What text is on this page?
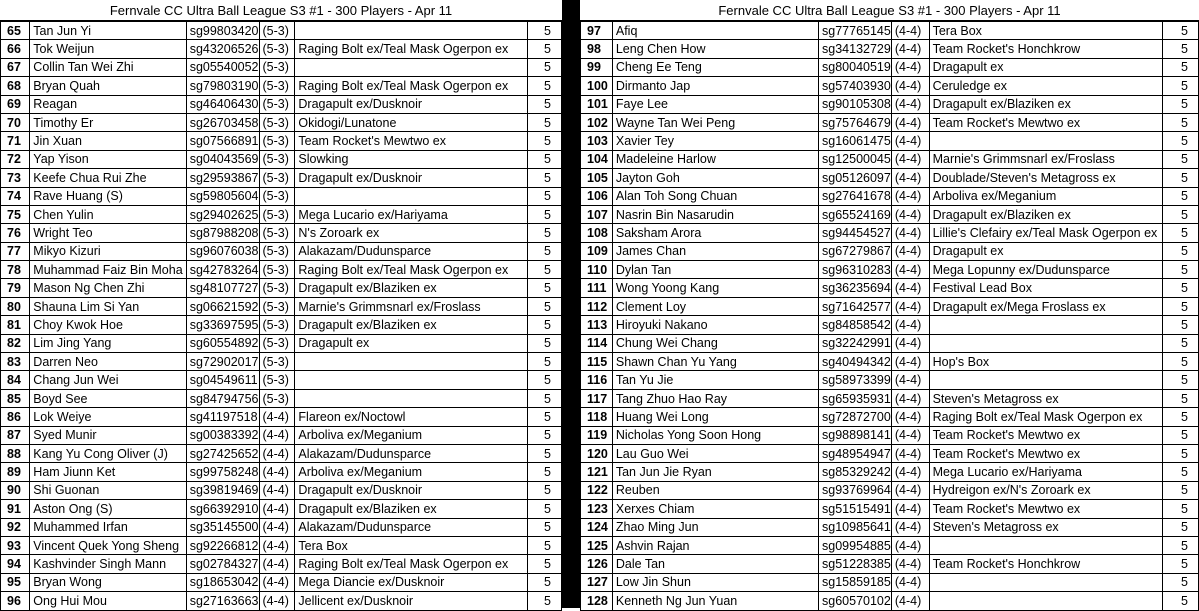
Fernvale CC Ultra Ball League S3 #1 - 300 Players - Apr 11
65	Tan Jun Yi	sg99803420	(5-3)		5
66	Tok Weijun	sg43206526	(5-3)	Raging Bolt ex/Teal Mask Ogerpon ex	5
67	Collin Tan Wei Zhi	sg05540052	(5-3)		5
68	Bryan Quah	sg79803190	(5-3)	Raging Bolt ex/Teal Mask Ogerpon ex	5
69	Reagan	sg46406430	(5-3)	Dragapult ex/Dusknoir	5
70	Timothy Er	sg26703458	(5-3)	Okidogi/Lunatone	5
71	Jin Xuan	sg07566891	(5-3)	Team Rocket's Mewtwo ex	5
72	Yap Yison	sg04043569	(5-3)	Slowking	5
73	Keefe Chua Rui Zhe	sg29593867	(5-3)	Dragapult ex/Dusknoir	5
74	Rave Huang (S)	sg59805604	(5-3)		5
75	Chen Yulin	sg29402625	(5-3)	Mega Lucario ex/Hariyama	5
76	Wright Teo	sg87988208	(5-3)	N's Zoroark ex	5
77	Mikyo Kizuri	sg96076038	(5-3)	Alakazam/Dudunsparce	5
78	Muhammad Faiz Bin Moha	sg42783264	(5-3)	Raging Bolt ex/Teal Mask Ogerpon ex	5
79	Mason Ng Chen Zhi	sg48107727	(5-3)	Dragapult ex/Blaziken ex	5
80	Shauna Lim Si Yan	sg06621592	(5-3)	Marnie's Grimmsnarl ex/Froslass	5
81	Choy Kwok Hoe	sg33697595	(5-3)	Dragapult ex/Blaziken ex	5
82	Lim Jing Yang	sg60554892	(5-3)	Dragapult ex	5
83	Darren Neo	sg72902017	(5-3)		5
84	Chang Jun Wei	sg04549611	(5-3)		5
85	Boyd See	sg84794756	(5-3)		5
86	Lok Weiye	sg41197518	(4-4)	Flareon ex/Noctowl	5
87	Syed Munir	sg00383392	(4-4)	Arboliva ex/Meganium	5
88	Kang Yu Cong Oliver (J)	sg27425652	(4-4)	Alakazam/Dudunsparce	5
89	Ham Jiunn Ket	sg99758248	(4-4)	Arboliva ex/Meganium	5
90	Shi Guonan	sg39819469	(4-4)	Dragapult ex/Dusknoir	5
91	Aston Ong (S)	sg66392910	(4-4)	Dragapult ex/Blaziken ex	5
92	Muhammed Irfan	sg35145500	(4-4)	Alakazam/Dudunsparce	5
93	Vincent Quek Yong Sheng	sg92266812	(4-4)	Tera Box	5
94	Kashvinder Singh Mann	sg02784327	(4-4)	Raging Bolt ex/Teal Mask Ogerpon ex	5
95	Bryan Wong	sg18653042	(4-4)	Mega Diancie ex/Dusknoir	5
96	Ong Hui Mou	sg27163663	(4-4)	Jellicent ex/Dusknoir	5
Fernvale CC Ultra Ball League S3 #1 - 300 Players - Apr 11
97	Afiq	sg77765145	(4-4)	Tera Box	5
98	Leng Chen How	sg34132729	(4-4)	Team Rocket's Honchkrow	5
99	Cheng Ee Teng	sg80040519	(4-4)	Dragapult ex	5
100	Dirmanto Jap	sg57403930	(4-4)	Ceruledge ex	5
101	Faye Lee	sg90105308	(4-4)	Dragapult ex/Blaziken ex	5
102	Wayne Tan Wei Peng	sg75764679	(4-4)	Team Rocket's Mewtwo ex	5
103	Xavier Tey	sg16061475	(4-4)		5
104	Madeleine Harlow	sg12500045	(4-4)	Marnie's Grimmsnarl ex/Froslass	5
105	Jayton Goh	sg05126097	(4-4)	Doublade/Steven's Metagross ex	5
106	Alan Toh Song Chuan	sg27641678	(4-4)	Arboliva ex/Meganium	5
107	Nasrin Bin Nasarudin	sg65524169	(4-4)	Dragapult ex/Blaziken ex	5
108	Saksham Arora	sg94454527	(4-4)	Lillie's Clefairy ex/Teal Mask Ogerpon ex	5
109	James Chan	sg67279867	(4-4)	Dragapult ex	5
110	Dylan Tan	sg96310283	(4-4)	Mega Lopunny ex/Dudunsparce	5
111	Wong Yoong Kang	sg36235694	(4-4)	Festival Lead Box	5
112	Clement Loy	sg71642577	(4-4)	Dragapult ex/Mega Froslass ex	5
113	Hiroyuki Nakano	sg84858542	(4-4)		5
114	Chung Wei Chang	sg32242991	(4-4)		5
115	Shawn Chan Yu Yang	sg40494342	(4-4)	Hop's Box	5
116	Tan Yu Jie	sg58973399	(4-4)		5
117	Tang Zhuo Hao Ray	sg65935931	(4-4)	Steven's Metagross ex	5
118	Huang Wei Long	sg72872700	(4-4)	Raging Bolt ex/Teal Mask Ogerpon ex	5
119	Nicholas Yong Soon Hong	sg98898141	(4-4)	Team Rocket's Mewtwo ex	5
120	Lau Guo Wei	sg48954947	(4-4)	Team Rocket's Mewtwo ex	5
121	Tan Jun Jie Ryan	sg85329242	(4-4)	Mega Lucario ex/Hariyama	5
122	Reuben	sg93769964	(4-4)	Hydreigon ex/N's Zoroark ex	5
123	Xerxes Chiam	sg51515491	(4-4)	Team Rocket's Mewtwo ex	5
124	Zhao Ming Jun	sg10985641	(4-4)	Steven's Metagross ex	5
125	Ashvin Rajan	sg09954885	(4-4)		5
126	Dale Tan	sg51228385	(4-4)	Team Rocket's Honchkrow	5
127	Low Jin Shun	sg15859185	(4-4)		5
128	Kenneth Ng Jun Yuan	sg60570102	(4-4)		5
